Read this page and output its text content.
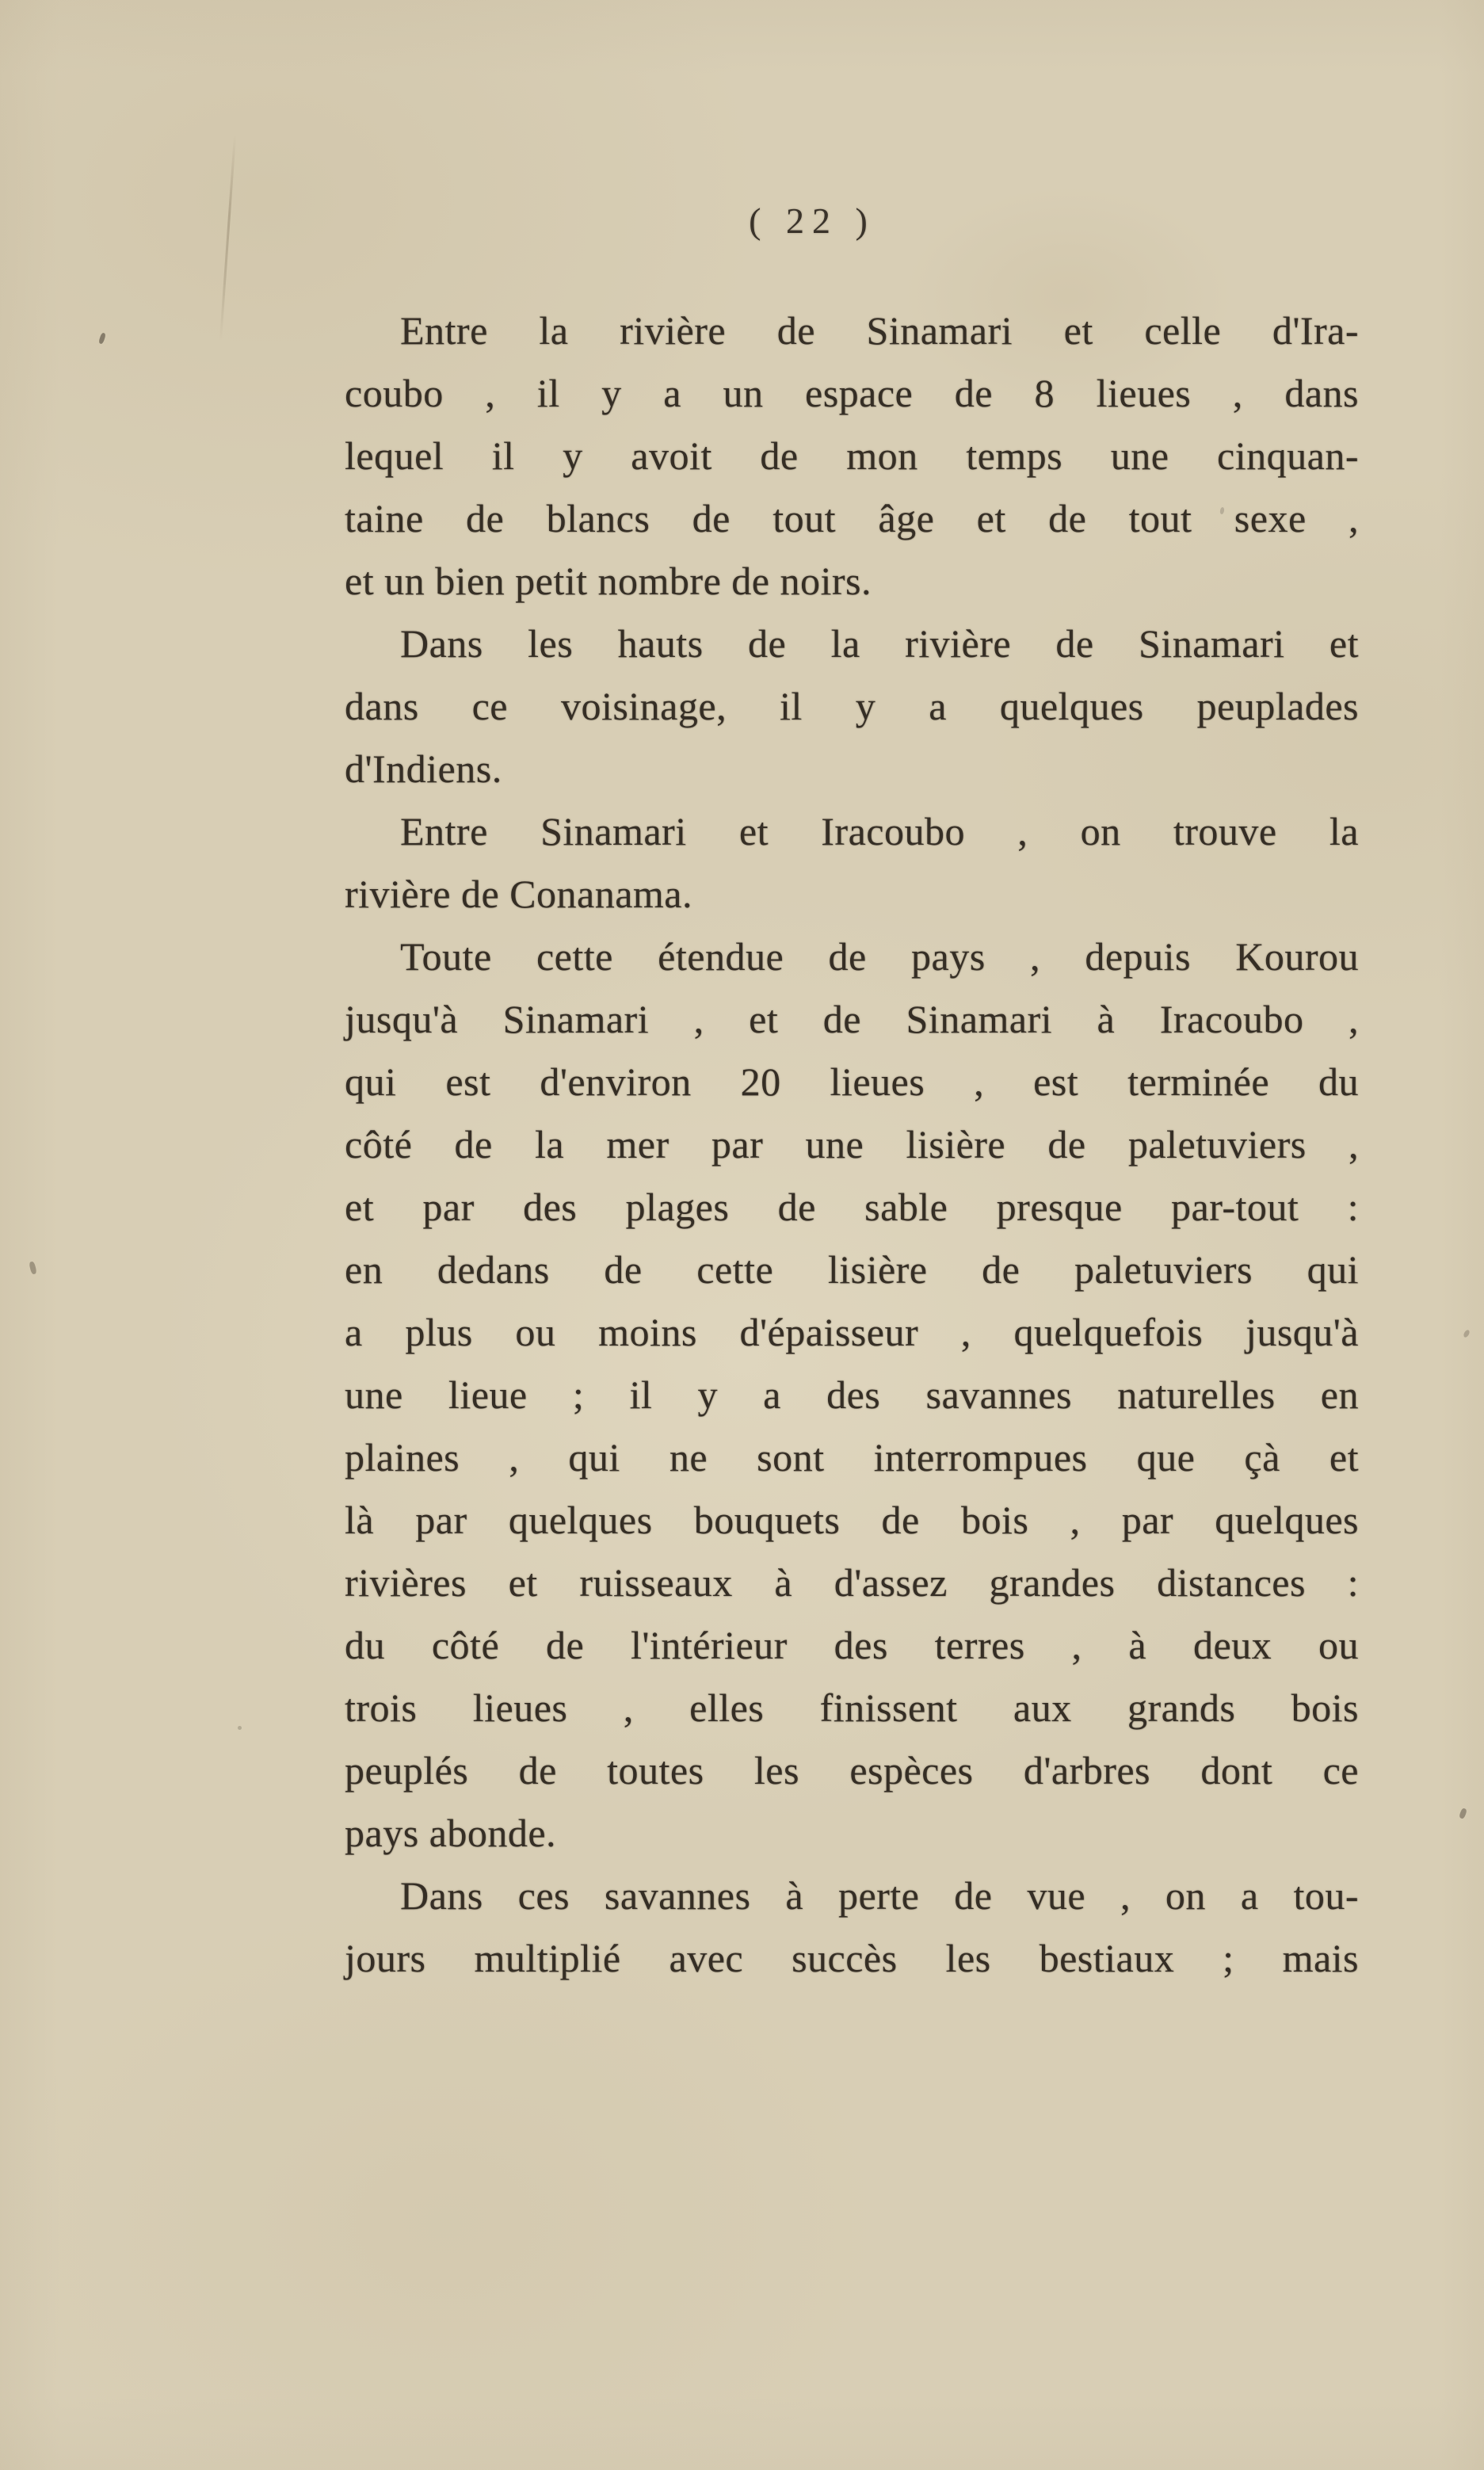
( 22 )
Entre la rivière de Sinamari et celle d'Ira-
coubo , il y a un espace de 8 lieues , dans
lequel il y avoit de mon temps une cinquan-
taine de blancs de tout âge et de tout sexe ,
et un bien petit nombre de noirs.
Dans les hauts de la rivière de Sinamari et
dans ce voisinage, il y a quelques peuplades
d'Indiens.
Entre Sinamari et Iracoubo , on trouve la
rivière de Conanama.
Toute cette étendue de pays , depuis Kourou
jusqu'à Sinamari , et de Sinamari à Iracoubo ,
qui est d'environ 20 lieues , est terminée du
côté de la mer par une lisière de paletuviers ,
et par des plages de sable presque par-tout :
en dedans de cette lisière de paletuviers qui
a plus ou moins d'épaisseur , quelquefois jusqu'à
une lieue ; il y a des savannes naturelles en
plaines , qui ne sont interrompues que çà et
là par quelques bouquets de bois , par quelques
rivières et ruisseaux à d'assez grandes distances :
du côté de l'intérieur des terres , à deux ou
trois lieues , elles finissent aux grands bois
peuplés de toutes les espèces d'arbres dont ce
pays abonde.
Dans ces savannes à perte de vue , on a tou-
jours multiplié avec succès les bestiaux ; mais
